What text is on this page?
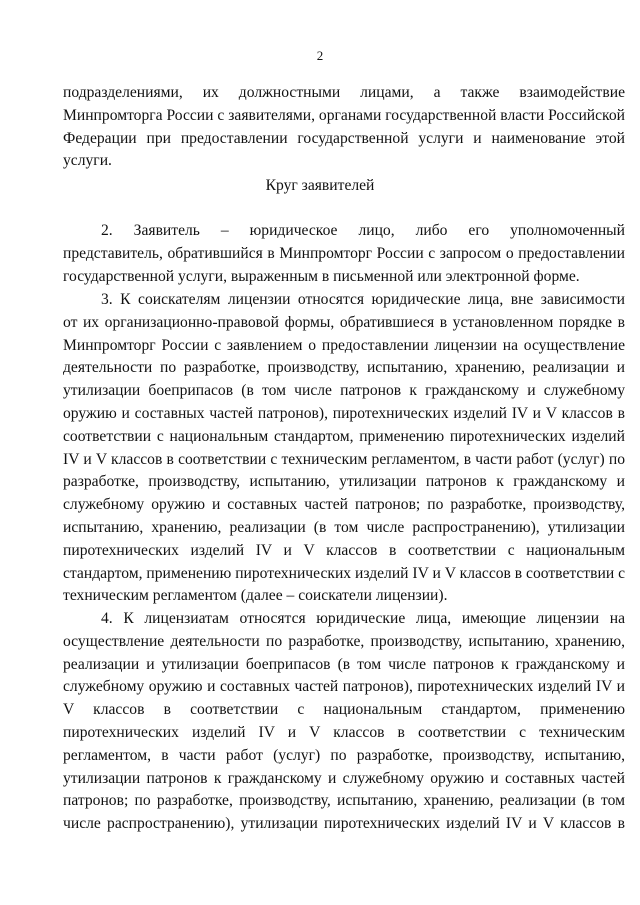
2

подразделениями, их должностными лицами, а также взаимодействие

Минпромторга России с заявителями, органами государственной власти Российской

Федерации при предоставлении государственной услуги и наименование этой

услуги.

Круг заявителей

2. Заявитель – юридическое лицо, либо его уполномоченный

представитель, обратившийся в Минпромторг России с запросом о предоставлении

государственной услуги, выраженным в письменной или электронной форме.

3. К соискателям лицензии относятся юридические лица, вне зависимости

от их организационно-правовой формы, обратившиеся в установленном порядке в

Минпромторг России с заявлением о предоставлении лицензии на осуществление

деятельности по разработке, производству, испытанию, хранению, реализации и

утилизации боеприпасов (в том числе патронов к гражданскому и служебному

оружию и составных частей патронов), пиротехнических изделий IV и V классов в

соответствии с национальным стандартом, применению пиротехнических изделий

IV и V классов в соответствии с техническим регламентом, в части работ (услуг) по

разработке, производству, испытанию, утилизации патронов к гражданскому и

служебному оружию и составных частей патронов; по разработке, производству,

испытанию, хранению, реализации (в том числе распространению), утилизации

пиротехнических изделий IV и V классов в соответствии с национальным

стандартом, применению пиротехнических изделий IV и V классов в соответствии с

техническим регламентом (далее – соискатели лицензии).

4. К лицензиатам относятся юридические лица, имеющие лицензии на

осуществление деятельности по разработке, производству, испытанию, хранению,

реализации и утилизации боеприпасов (в том числе патронов к гражданскому и

служебному оружию и составных частей патронов), пиротехнических изделий IV и

V классов в соответствии с национальным стандартом, применению

пиротехнических изделий IV и V классов в соответствии с техническим

регламентом, в части работ (услуг) по разработке, производству, испытанию,

утилизации патронов к гражданскому и служебному оружию и составных частей

патронов; по разработке, производству, испытанию, хранению, реализации (в том

числе распространению), утилизации пиротехнических изделий IV и V классов в
